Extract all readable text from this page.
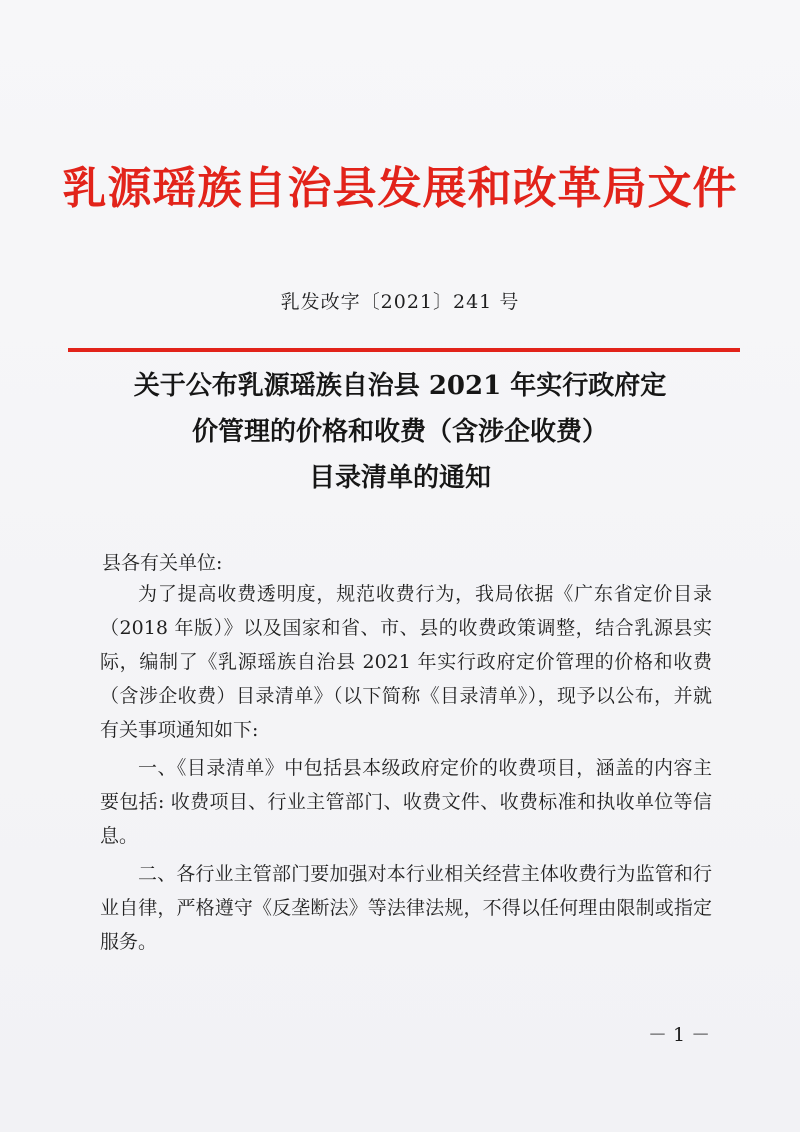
乳源瑶族自治县发展和改革局文件
乳发改字〔2021〕241 号
关于公布乳源瑶族自治县 2021 年实行政府定
价管理的价格和收费（含涉企收费）
目录清单的通知
县各有关单位:

为了提高收费透明度，规范收费行为，我局依据《广东省定价目录（2018 年版）》以及国家和省、市、县的收费政策调整，结合乳源县实际，编制了《乳源瑶族自治县 2021 年实行政府定价管理的价格和收费（含涉企收费）目录清单》（以下简称《目录清单》），现予以公布，并就有关事项通知如下:

一、《目录清单》中包括县本级政府定价的收费项目，涵盖的内容主要包括: 收费项目、行业主管部门、收费文件、收费标准和执收单位等信息。

二、各行业主管部门要加强对本行业相关经营主体收费行为监管和行业自律，严格遵守《反垄断法》等法律法规，不得以任何理由限制或指定服务。

－ 1 －
